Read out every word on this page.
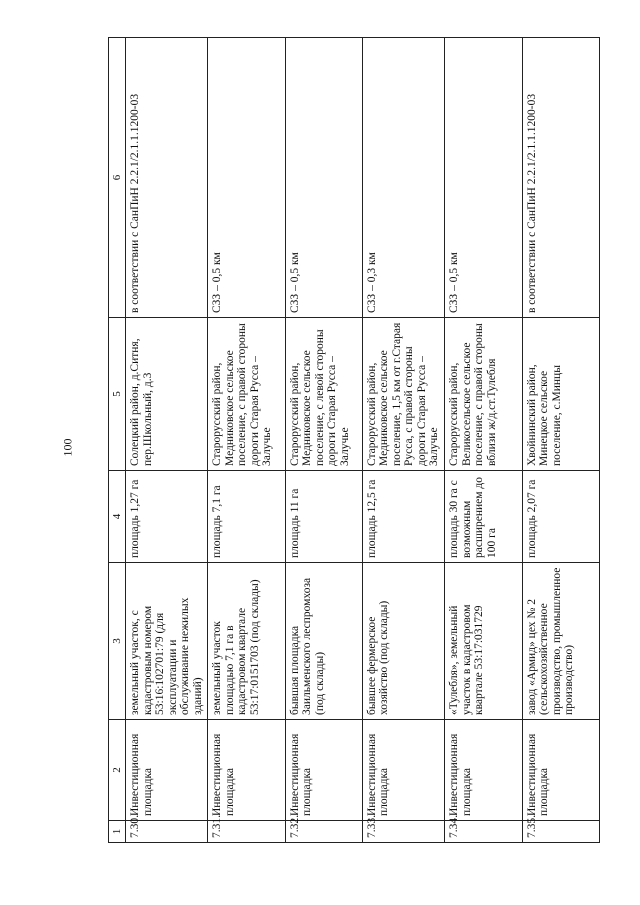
100
1	2	3	4	5	6
7.30.	Инвестиционная площадка	земельный участок, с кадастровым номером 53:16:102701:79 (для эксплуатации и обслуживание нежилых зданий)	площадь 1,27 га	Солецкий район, д.Ситня, пер.Школьный, д.3	в соответствии с СанПиН 2.2.1/2.1.1.1200-03
7.31.	Инвестиционная площадка	земельный участок площадью 7,1 га в кадастровом квартале 53:17:0151703 (под склады)	площадь 7,1 га	Старорусский район, Медниковское сельское поселение, с правой стороны дороги Старая Русса – Залучье	СЗЗ – 0,5 км
7.32.	Инвестиционная площадка	бывшая площадка Заильменского леспромхоза (под склады)	площадь 11 га	Старорусский район, Медниковское сельское поселение, с левой стороны дороги Старая Русса – Залучье	СЗЗ – 0,5 км
7.33.	Инвестиционная площадка	бывшее фермерское хозяйство (под склады)	площадь 12,5 га	Старорусский район, Медниковское сельское поселение, 1,5 км от г.Старая Русса, с правой стороны дороги Старая Русса – Залучье	СЗЗ – 0,3 км
7.34.	Инвестиционная площадка	«Тулебля», земельный участок в кадастровом квартале 53:17:031729	площадь 30 га с возможным расширением до 100 га	Старорусский район, Великосельское сельское поселение, с правой стороны вблизи ж/д.ст.Тулебля	СЗЗ – 0,5 км
7.35.	Инвестиционная площадка	завод «Армид» цех № 2 (сельскохозяйственное производство, промышленное производство)	площадь 2,07 га	Хвойнинский район, Минецкое сельское поселение, с.Минцы	в соответствии с СанПиН 2.2.1/2.1.1.1200-03
